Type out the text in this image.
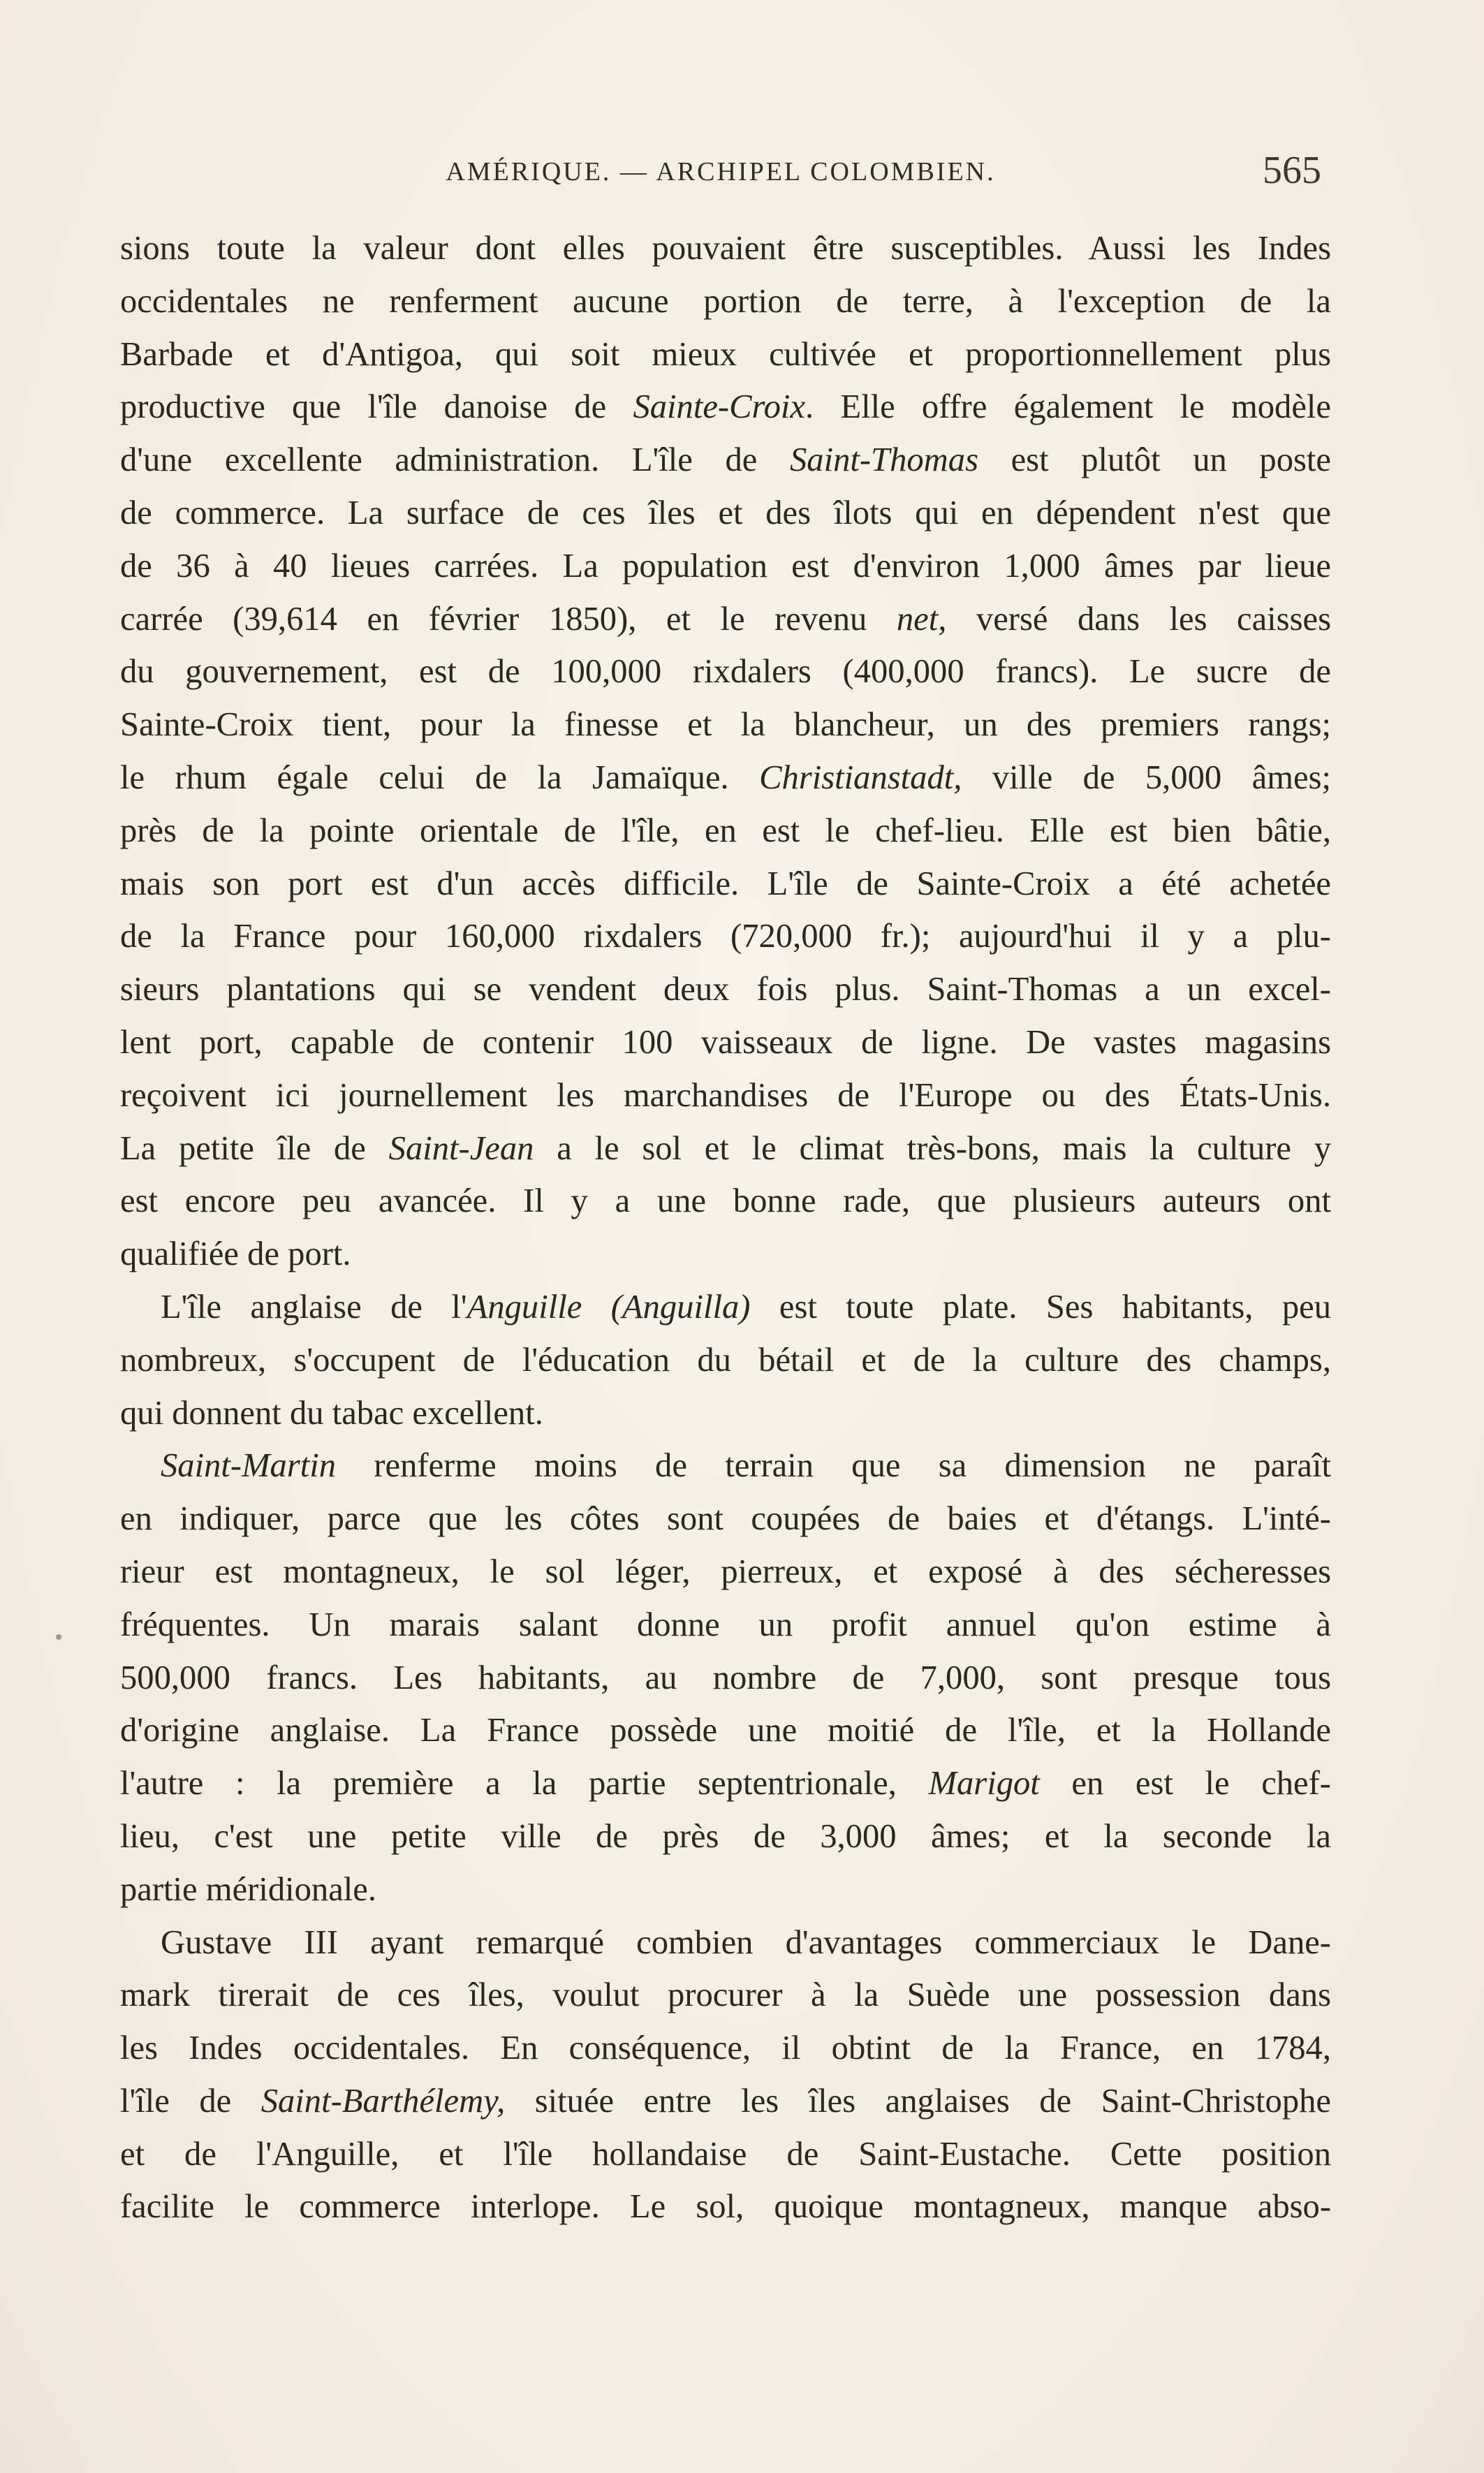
AMÉRIQUE. — ARCHIPEL COLOMBIEN.	565
sions toute la valeur dont elles pouvaient être susceptibles. Aussi les Indes
occidentales ne renferment aucune portion de terre, à l'exception de la
Barbade et d'Antigoa, qui soit mieux cultivée et proportionnellement plus
productive que l'île danoise de Sainte-Croix. Elle offre également le modèle
d'une excellente administration. L'île de Saint-Thomas est plutôt un poste
de commerce. La surface de ces îles et des îlots qui en dépendent n'est que
de 36 à 40 lieues carrées. La population est d'environ 1,000 âmes par lieue
carrée (39,614 en février 1850), et le revenu net, versé dans les caisses
du gouvernement, est de 100,000 rixdalers (400,000 francs). Le sucre de
Sainte-Croix tient, pour la finesse et la blancheur, un des premiers rangs;
le rhum égale celui de la Jamaïque. Christianstadt, ville de 5,000 âmes;
près de la pointe orientale de l'île, en est le chef-lieu. Elle est bien bâtie,
mais son port est d'un accès difficile. L'île de Sainte-Croix a été achetée
de la France pour 160,000 rixdalers (720,000 fr.); aujourd'hui il y a plu-
sieurs plantations qui se vendent deux fois plus. Saint-Thomas a un excel-
lent port, capable de contenir 100 vaisseaux de ligne. De vastes magasins
reçoivent ici journellement les marchandises de l'Europe ou des États-Unis.
La petite île de Saint-Jean a le sol et le climat très-bons, mais la culture y
est encore peu avancée. Il y a une bonne rade, que plusieurs auteurs ont
qualifiée de port.
L'île anglaise de l'Anguille (Anguilla) est toute plate. Ses habitants, peu
nombreux, s'occupent de l'éducation du bétail et de la culture des champs,
qui donnent du tabac excellent.
Saint-Martin renferme moins de terrain que sa dimension ne paraît
en indiquer, parce que les côtes sont coupées de baies et d'étangs. L'inté-
rieur est montagneux, le sol léger, pierreux, et exposé à des sécheresses
fréquentes. Un marais salant donne un profit annuel qu'on estime à
500,000 francs. Les habitants, au nombre de 7,000, sont presque tous
d'origine anglaise. La France possède une moitié de l'île, et la Hollande
l'autre : la première a la partie septentrionale, Marigot en est le chef-
lieu, c'est une petite ville de près de 3,000 âmes; et la seconde la
partie méridionale.
Gustave III ayant remarqué combien d'avantages commerciaux le Dane-
mark tirerait de ces îles, voulut procurer à la Suède une possession dans
les Indes occidentales. En conséquence, il obtint de la France, en 1784,
l'île de Saint-Barthélemy, située entre les îles anglaises de Saint-Christophe
et de l'Anguille, et l'île hollandaise de Saint-Eustache. Cette position
facilite le commerce interlope. Le sol, quoique montagneux, manque abso-
